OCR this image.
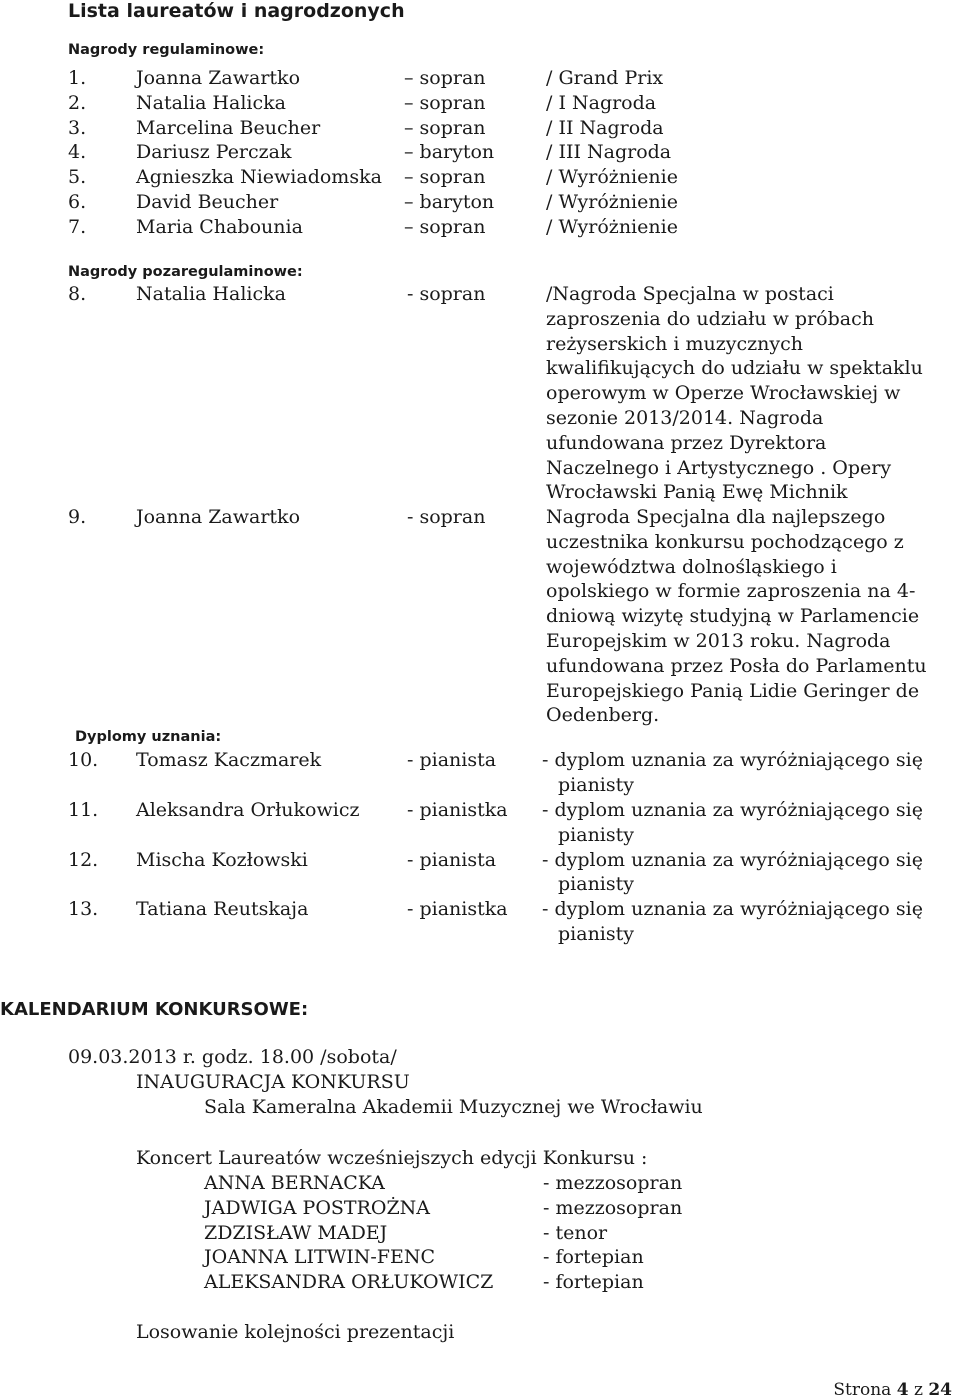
Lista laureatów i nagrodzonych
Nagrody regulaminowe:
1.	Joanna Zawartko	– sopran	/ Grand Prix
2.	Natalia Halicka	– sopran	/ I Nagroda
3.	Marcelina Beucher	– sopran	/ II Nagroda
4.	Dariusz Perczak	– baryton	/ III Nagroda
5.	Agnieszka Niewiadomska – sopran	/ Wyróżnienie
6.	David Beucher	– baryton	/ Wyróżnienie
7.	Maria Chabounia	– sopran	/ Wyróżnienie
Nagrody pozaregulaminowe:
8.	Natalia Halicka	- sopran	/Nagroda Specjalna w postaci
zaproszenia do udziału w próbach
reżyserskich i muzycznych
kwalifikujących do udziału w spektaklu
operowym w Operze Wrocławskiej w
sezonie 2013/2014. Nagroda
ufundowana przez Dyrektora
Naczelnego i Artystycznego . Opery
Wrocławski Panią Ewę Michnik
9.	Joanna Zawartko	- sopran	Nagroda Specjalna dla najlepszego
uczestnika konkursu pochodzącego z
województwa dolnośląskiego i
opolskiego w formie zaproszenia na 4-
dniową wizytę studyjną w Parlamencie
Europejskim w 2013 roku. Nagroda
ufundowana przez Posła do Parlamentu
Europejskiego Panią Lidie Geringer de
Oedenberg.
Dyplomy uznania:
10. Tomasz Kaczmarek	- pianista - dyplom uznania za wyróżniającego się
pianisty
11. Aleksandra Orłukowicz	- pianistka - dyplom uznania za wyróżniającego się
pianisty
12. Mischa Kozłowski	- pianista - dyplom uznania za wyróżniającego się
pianisty
13. Tatiana Reutskaja	- pianistka - dyplom uznania za wyróżniającego się
pianisty
KALENDARIUM KONKURSOWE:
09.03.2013 r. godz. 18.00 /sobota/
INAUGURACJA KONKURSU
Sala Kameralna Akademii Muzycznej we Wrocławiu
Koncert Laureatów wcześniejszych edycji Konkursu :
ANNA BERNACKA	- mezzosopran
JADWIGA POSTROŻNA	- mezzosopran
ZDZISŁAW MADEJ	- tenor
JOANNA LITWIN-FENC	- fortepian
ALEKSANDRA ORŁUKOWICZ	- fortepian
Losowanie kolejności prezentacji
Strona 4 z 24
